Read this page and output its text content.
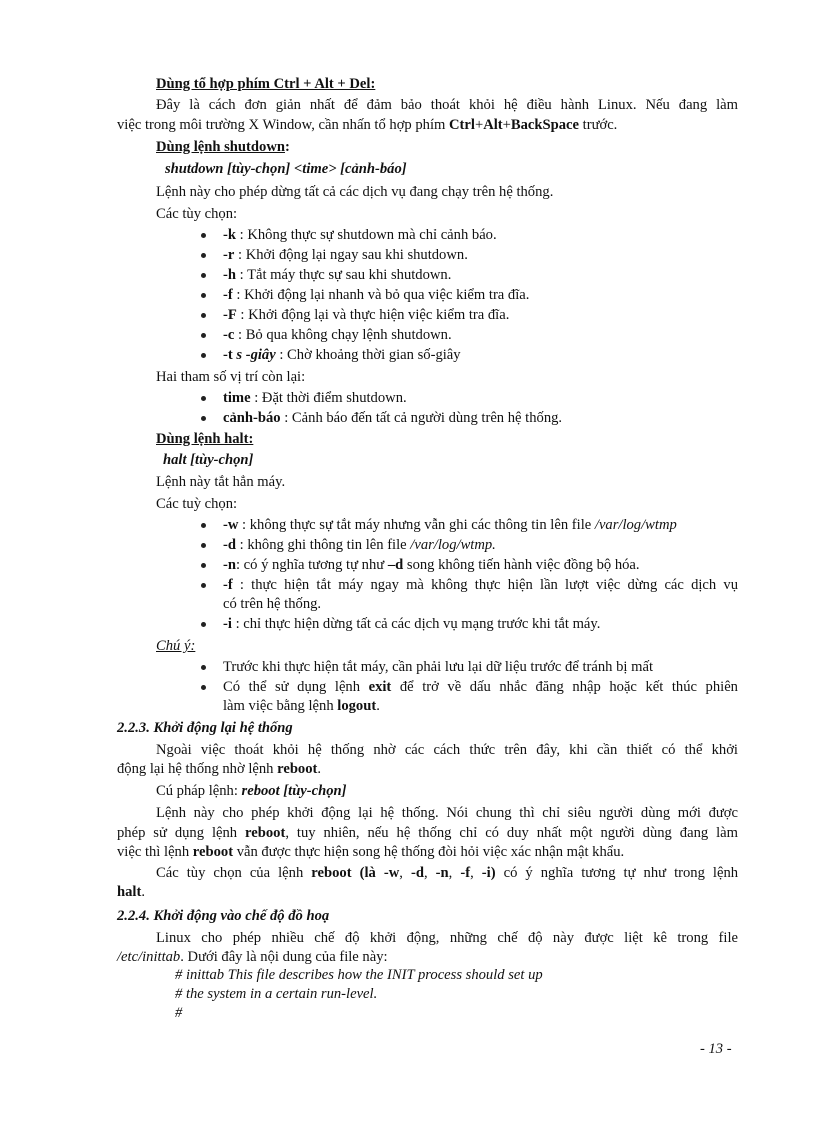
Dùng tổ hợp phím Ctrl + Alt + Del:
Đây là cách đơn giản nhất để đảm bảo thoát khỏi hệ điều hành Linux. Nếu đang làm
việc trong môi trường X Window, cần nhấn tổ hợp phím Ctrl+Alt+BackSpace trước.
Dùng lệnh shutdown:
shutdown [tùy-chọn] <time> [cảnh-báo]
Lệnh này cho phép dừng tất cả các dịch vụ đang chạy trên hệ thống.
Các tùy chọn:
-k : Không thực sự shutdown mà chỉ cảnh báo.
-r : Khởi động lại ngay sau khi shutdown.
-h : Tắt máy thực sự sau khi shutdown.
-f : Khởi động lại nhanh và bỏ qua việc kiểm tra đĩa.
-F : Khởi động lại và thực hiện việc kiểm tra đĩa.
-c : Bỏ qua không chạy lệnh shutdown.
-t s -giây : Chờ khoảng thời gian số-giây
Hai tham số vị trí còn lại:
time : Đặt thời điểm shutdown.
cảnh-báo : Cảnh báo đến tất cả người dùng trên hệ thống.
Dùng lệnh halt:
halt [tùy-chọn]
Lệnh này tắt hẳn máy.
Các tuỳ chọn:
-w : không thực sự tắt máy nhưng vẫn ghi các thông tin lên file /var/log/wtmp
-d : không ghi thông tin lên file /var/log/wtmp.
-n: có ý nghĩa tương tự như –d song không tiến hành việc đồng bộ hóa.
-f : thực hiện tắt máy ngay mà không thực hiện lần lượt việc dừng các dịch vụ
có trên hệ thống.
-i : chỉ thực hiện dừng tất cả các dịch vụ mạng trước khi tắt máy.
Chú ý:
Trước khi thực hiện tắt máy, cần phải lưu lại dữ liệu trước để tránh bị mất
Có thể sử dụng lệnh exit để trở về dấu nhắc đăng nhập hoặc kết thúc phiên
làm việc bằng lệnh logout.
2.2.3. Khởi động lại hệ thống
Ngoài việc thoát khỏi hệ thống nhờ các cách thức trên đây, khi cần thiết có thể khởi
động lại hệ thống nhờ lệnh reboot.
Cú pháp lệnh: reboot [tùy-chọn]
Lệnh này cho phép khởi động lại hệ thống. Nói chung thì chỉ siêu người dùng mới được
phép sử dụng lệnh reboot, tuy nhiên, nếu hệ thống chỉ có duy nhất một người dùng đang làm
việc thì lệnh reboot vẫn được thực hiện song hệ thống đòi hỏi việc xác nhận mật khẩu.
Các tùy chọn của lệnh reboot (là -w, -d, -n, -f, -i) có ý nghĩa tương tự như trong lệnh
halt.
2.2.4. Khởi động vào chế độ đồ hoạ
Linux cho phép nhiều chế độ khởi động, những chế độ này được liệt kê trong file
/etc/inittab. Dưới đây là nội dung của file này:
# inittab This file describes how the INIT process should set up
# the system in a certain run-level.
#
- 13 -
